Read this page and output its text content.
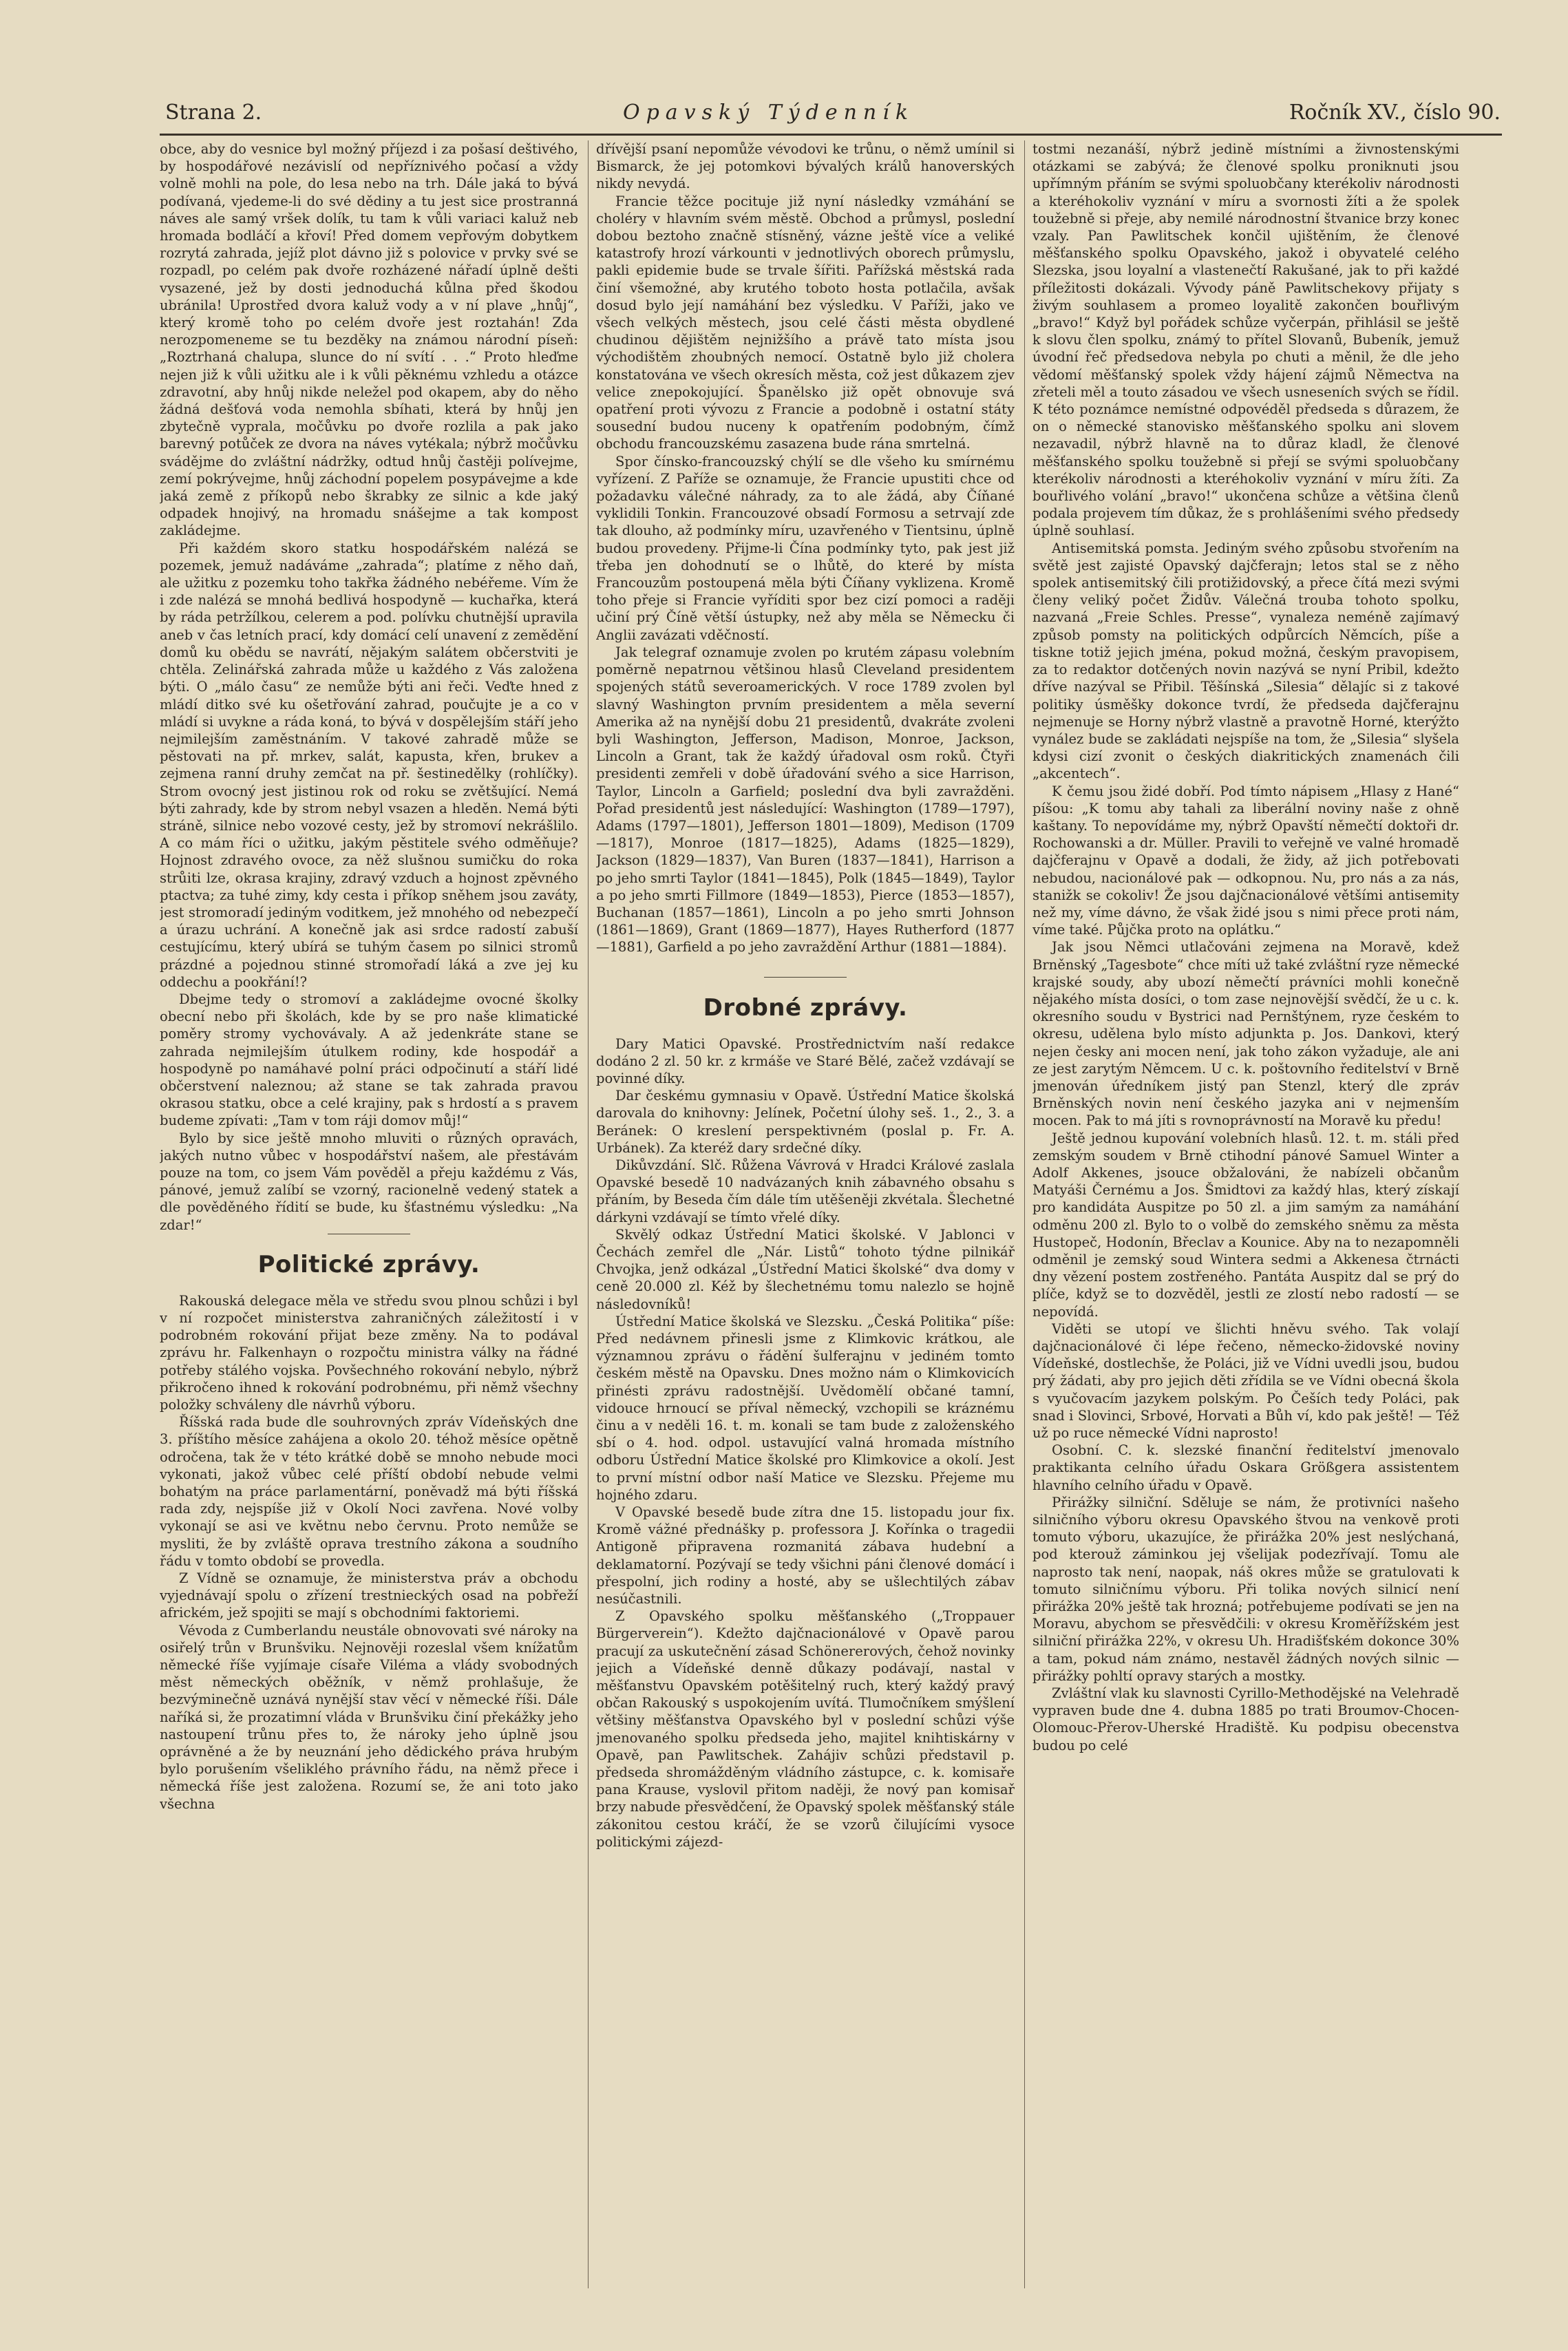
Strana 2.	Opavský Týdenník	Ročník XV., číslo 90.

obce, aby do vesnice byl možný příjezd i za pošasí deštivého, by hospodářové nezávislí od nepříznivého počasí a vždy volně mohli na pole, do lesa nebo na trh. Dále jaká to bývá podívaná, vjedeme-li do své dědiny a tu jest sice prostranná náves ale samý vršek dolík, tu tam k vůli variaci kaluž neb hromada bodláčí a křoví! Před domem vepřovým dobytkem rozrytá zahrada, jejíž plot dávno již s polovice v prvky své se rozpadl, po celém pak dvoře rozházené nářadí úplně dešti vysazené, jež by dosti jednoduchá kůlna před škodou ubránila! Uprostřed dvora kaluž vody a v ní plave „hnůj“, který kromě toho po celém dvoře jest roztahán! Zda nerozpomeneme se tu bezděky na známou národní píseň: „Roztrhaná chalupa, slunce do ní svítí . . .“ Proto hleďme nejen již k vůli užitku ale i k vůli pěknému vzhledu a otázce zdravotní, aby hnůj nikde neležel pod okapem, aby do něho žádná dešťová voda nemohla sbíhati, která by hnůj jen zbytečně vyprala, močůvku po dvoře rozlila a pak jako barevný potůček ze dvora na náves vytékala; nýbrž močůvku svádějme do zvláštní nádržky, odtud hnůj častěji polívejme, zemí pokrývejme, hnůj záchodní popelem posypávejme a kde jaká země z příkopů nebo škrabky ze silnic a kde jaký odpadek hnojivý, na hromadu snášejme a tak kompost zakládejme.

Při každém skoro statku hospodářském nalézá se pozemek, jemuž nadáváme „zahrada“; platíme z něho daň, ale užitku z pozemku toho takřka žádného nebéřeme. Vím že i zde nalézá se mnohá bedlivá hospodyně — kuchařka, která by ráda petržílkou, celerem a pod. polívku chutnější upravila aneb v čas letních prací, kdy domácí celí unavení z zemědění domů ku obědu se navrátí, nějakým salátem občerstviti je chtěla. Zelinářská zahrada může u každého z Vás založena býti. O „málo času“ ze nemůže býti ani řeči. Veďte hned z mládí ditko své ku ošetřování zahrad, poučujte je a co v mládí si uvykne a ráda koná, to bývá v dospělejším stáří jeho nejmilejším zaměstnáním. V takové zahradě může se pěstovati na př. mrkev, salát, kapusta, křen, brukev a zejmena ranní druhy zemčat na př. šestinedělky (rohlíčky). Strom ovocný jest jistinou rok od roku se zvětšující. Nemá býti zahrady, kde by strom nebyl vsazen a hleděn. Nemá býti stráně, silnice nebo vozové cesty, jež by stromoví nekrášlilo. A co mám říci o užitku, jakým pěstitele svého odměňuje? Hojnost zdravého ovoce, za něž slušnou sumičku do roka strůiti lze, okrasa krajiny, zdravý vzduch a hojnost zpěvného ptactva; za tuhé zimy, kdy cesta i příkop sněhem jsou zaváty, jest stromoradí jediným voditkem, jež mnohého od nebezpečí a úrazu uchrání. A konečně jak asi srdce radostí zabuší cestujícímu, který ubírá se tuhým časem po silnici stromů prázdné a pojednou stinné stromořadí láká a zve jej ku oddechu a pookřání!?

Dbejme tedy o stromoví a zakládejme ovocné školky obecní nebo při školách, kde by se pro naše klimatické poměry stromy vychovávaly. A až jedenkráte stane se zahrada nejmilejším útulkem rodiny, kde hospodář a hospodyně po namáhavé polní práci odpočinutí a stáří lidé občerstvení naleznou; až stane se tak zahrada pravou okrasou statku, obce a celé krajiny, pak s hrdostí a s pravem budeme zpívati: „Tam v tom ráji domov můj!“

Bylo by sice ještě mnoho mluviti o různých opravách, jakých nutno vůbec v hospodářství našem, ale přestávám pouze na tom, co jsem Vám pověděl a přeju každému z Vás, pánové, jemuž zalíbí se vzorný, racionelně vedený statek a dle pověděného řídití se bude, ku šťastnému výsledku: „Na zdar!“

Politické zprávy.

Rakouská delegace měla ve středu svou plnou schůzi i byl v ní rozpočet ministerstva zahraničných záležitostí i v podrobném rokování přijat beze změny. Na to podával zprávu hr. Falkenhayn o rozpočtu ministra války na řádné potřeby stálého vojska. Povšechného rokování nebylo, nýbrž přikročeno ihned k rokování podrobnému, při němž všechny položky schváleny dle návrhů výboru.

Říšská rada bude dle souhrovných zpráv Vídeňských dne 3. příštího měsíce zahájena a okolo 20. téhož měsíce opětně odročena, tak že v této krátké době se mnoho nebude moci vykonati, jakož vůbec celé příští období nebude velmi bohatým na práce parlamentární, poněvadž má býti říšská rada zdy, nejspíše již v Okolí Noci zavřena. Nové volby vykonají se asi ve květnu nebo červnu. Proto nemůže se mysliti, že by zvláště oprava trestního zákona a soudního řádu v tomto období se provedla.

Z Vídně se oznamuje, že ministerstva práv a obchodu vyjednávají spolu o zřízení trestnieckých osad na pobřeží africkém, jež spojiti se mají s obchodními faktoriemi.

Vévoda z Cumberlandu neustále obnovovati své nároky na osiřelý trůn v Brunšviku. Nejnověji rozeslal všem knížatům německé říše vyjímaje císaře Viléma a vlády svobodných měst německých oběžník, v němž prohlašuje, že bezvýminečně uznává nynější stav věcí v německé říši. Dále naříká si, že prozatimní vláda v Brunšviku činí překážky jeho nastoupení trůnu přes to, že nároky jeho úplně jsou oprávněné a že by neuznání jeho dědického práva hrubým bylo porušením všeliklého právního řádu, na němž přece i německá říše jest založena. Rozumí se, že ani toto jako všechna

dřívější psaní nepomůže vévodovi ke trůnu, o němž umínil si Bismarck, že jej potomkovi bývalých králů hanoverských nikdy nevydá.

Francie těžce pocituje již nyní následky vzmáhání se choléry v hlavním svém městě. Obchod a průmysl, poslední dobou beztoho značně stísněný, vázne ještě více a veliké katastrofy hrozí várkounti v jednotlivých oborech průmyslu, pakli epidemie bude se trvale šířiti. Pařížská městská rada činí všemožné, aby krutého toboto hosta potlačila, avšak dosud bylo její namáhání bez výsledku. V Paříži, jako ve všech velkých městech, jsou celé části města obydlené chudinou dějištěm nejnižšího a právě tato místa jsou východištěm zhoubných nemocí. Ostatně bylo již cholera konstatována ve všech okresích města, což jest důkazem zjev velice znepokojující. Španělsko již opět obnovuje svá opatření proti vývozu z Francie a podobně i ostatní státy sousední budou nuceny k opatřením podobným, čímž obchodu francouzskému zasazena bude rána smrtelná.

Spor čínsko-francouzský chýlí se dle všeho ku smírnému vyřízení. Z Paříže se oznamuje, že Francie upustiti chce od požadavku válečné náhrady, za to ale žádá, aby Číňané vyklidili Tonkin. Francouzové obsadí Formosu a setrvají zde tak dlouho, až podmínky míru, uzavřeného v Tientsinu, úplně budou provedeny. Přijme-li Čína podmínky tyto, pak jest již třeba jen dohodnutí se o lhůtě, do které by místa Francouzům postoupená měla býti Číňany vyklizena. Kromě toho přeje si Francie vyříditi spor bez cizí pomoci a raději učiní prý Číně větší ústupky, než aby měla se Německu či Anglii zavázati vděčností.

Jak telegraf oznamuje zvolen po krutém zápasu volebním poměrně nepatrnou většinou hlasů Cleveland presidentem spojených států severoamerických. V roce 1789 zvolen byl slavný Washington prvním presidentem a měla severní Amerika až na nynější dobu 21 presidentů, dvakráte zvoleni byli Washington, Jefferson, Madison, Monroe, Jackson, Lincoln a Grant, tak že každý úřadoval osm roků. Čtyři presidenti zemřeli v době úřadování svého a sice Harrison, Taylor, Lincoln a Garfield; poslední dva byli zavražděni. Pořad presidentů jest následující: Washington (1789—1797), Adams (1797—1801), Jefferson 1801—1809), Medison (1709—1817), Monroe (1817—1825), Adams (1825—1829), Jackson (1829—1837), Van Buren (1837—1841), Harrison a po jeho smrti Taylor (1841—1845), Polk (1845—1849), Taylor a po jeho smrti Fillmore (1849—1853), Pierce (1853—1857), Buchanan (1857—1861), Lincoln a po jeho smrti Johnson (1861—1869), Grant (1869—1877), Hayes Rutherford (1877—1881), Garfield a po jeho zavraždění Arthur (1881—1884).

Drobné zprávy.

Dary Matici Opavské. Prostřednictvím naší redakce dodáno 2 zl. 50 kr. z krmáše ve Staré Bělé, začež vzdávají se povinné díky.

Dar českému gymnasiu v Opavě. Ústřední Matice školská darovala do knihovny: Jelínek, Početní úlohy seš. 1., 2., 3. a Beránek: O kreslení perspektivném (poslal p. Fr. A. Urbánek). Za kteréž dary srdečné díky.

Dikůvzdání. Slč. Růžena Vávrová v Hradci Králové zaslala Opavské besedě 10 nadvázaných knih zábavného obsahu s přáním, by Beseda čím dále tím utěšeněji zkvétala. Šlechetné dárkyni vzdávají se tímto vřelé díky.

Skvělý odkaz Ústřední Matici školské. V Jablonci v Čechách zemřel dle „Nár. Listů“ tohoto týdne pilnikář Chvojka, jenž odkázal „Ústřední Matici školské“ dva domy v ceně 20.000 zl. Kéž by šlechetnému tomu nalezlo se hojně následovníků!

Ústřední Matice školská ve Slezsku. „Česká Politika“ píše: Před nedávnem přinesli jsme z Klimkovic krátkou, ale významnou zprávu o řádění šulferajnu v jediném tomto českém městě na Opavsku. Dnes možno nám o Klimkovicích přinésti zprávu radostnější. Uvědomělí občané tamní, vidouce hrnoucí se příval německý, vzchopili se kráznému činu a v neděli 16. t. m. konali se tam bude z založenského sbí o 4. hod. odpol. ustavující valná hromada místního odboru Ústřední Matice školské pro Klimkovice a okolí. Jest to první místní odbor naší Matice ve Slezsku. Přejeme mu hojného zdaru.

V Opavské besedě bude zítra dne 15. listopadu jour fix. Kromě vážné přednášky p. professora J. Kořínka o tragedii Antigoně připravena rozmanitá zábava hudební a deklamatorní. Pozývají se tedy všichni páni členové domácí i přespolní, jich rodiny a hosté, aby se ušlechtilých zábav nesúčastnili.

Z Opavského spolku měšťanského („Troppauer Bürgerverein“). Kdežto dajčnacionálové v Opavě parou pracují za uskutečnění zásad Schönererových, čehož novinky jejich a Vídeňské denně důkazy podávají, nastal v měšťanstvu Opavském potěšitelný ruch, který každý pravý občan Rakouský s uspokojením uvítá. Tlumočníkem smýšlení většiny měšťanstva Opavského byl v poslední schůzi výše jmenovaného spolku předseda jeho, majitel knihtiskárny v Opavě, pan Pawlitschek. Zahájiv schůzi představil p. předseda shromážděným vládního zástupce, c. k. komisaře pana Krause, vyslovil přitom naději, že nový pan komisař brzy nabude přesvědčení, že Opavský spolek měšťanský stále zákonitou cestou kráčí, že se vzorů čilujícími vysoce politickými zájezd-

tostmi nezanáší, nýbrž jedině místními a živnostenskými otázkami se zabývá; že členové spolku proniknuti jsou upřímným přáním se svými spoluobčany kterékoliv národnosti a kteréhokoliv vyznání v míru a svornosti žíti a že spolek toužebně si přeje, aby nemilé národnostní štvanice brzy konec vzaly. Pan Pawlitschek končil ujištěním, že členové měšťanského spolku Opavského, jakož i obyvatelé celého Slezska, jsou loyalní a vlastenečtí Rakušané, jak to při každé příležitosti dokázali. Vývody páně Pawlitschekovy přijaty s živým souhlasem a promeo loyalitě zakončen bouřlivým „bravo!“ Když byl pořádek schůze vyčerpán, přihlásil se ještě k slovu člen spolku, známý to přítel Slovanů, Bubeník, jemuž úvodní řeč předsedova nebyla po chuti a měnil, že dle jeho vědomí měšťanský spolek vždy hájení zájmů Němectva na zřeteli měl a touto zásadou ve všech usneseních svých se řídil. K této poznámce nemístné odpovéděl předseda s důrazem, že on o německé stanovisko měšťanského spolku ani slovem nezavadil, nýbrž hlavně na to důraz kladl, že členové měšťanského spolku toužebně si přejí se svými spoluobčany kterékoliv národnosti a kteréhokoliv vyznání v míru žíti. Za bouřlivého volání „bravo!“ ukončena schůze a většina členů podala projevem tím důkaz, že s prohlášeními svého předsedy úplně souhlasí.

Antisemitská pomsta. Jediným svého způsobu stvořením na světě jest zajisté Opavský dajčferajn; letos stal se z něho spolek antisemitský čili protižidovský, a přece čítá mezi svými členy veliký počet Židův. Válečná trouba tohoto spolku, nazvaná „Freie Schles. Presse“, vynaleza neméně zajímavý způsob pomsty na politických odpůrcích Němcích, píše a tiskne totiž jejich jména, pokud možná, českým pravopisem, za to redaktor dotčených novin nazývá se nyní Pribil, kdežto dříve nazýval se Přibil. Těšínská „Silesia“ dělajíc si z takové politiky úsměšky dokonce tvrdí, že předseda dajčferajnu nejmenuje se Horny nýbrž vlastně a pravotně Horné, kterýžto vynález bude se zakládati nejspíše na tom, že „Silesia“ slyšela kdysi cizí zvonit o českých diakritických znamenách čili „akcentech“.

K čemu jsou židé dobří. Pod tímto nápisem „Hlasy z Hané“ píšou: „K tomu aby tahali za liberální noviny naše z ohně kaštany. To nepovídáme my, nýbrž Opavští němečtí doktoři dr. Rochowanski a dr. Müller. Pravili to veřejně ve valné hromadě dajčferajnu v Opavě a dodali, že židy, až jich potřebovati nebudou, nacionálové pak — odkopnou. Nu, pro nás a za nás, stanižk se cokoliv! Že jsou dajčnacionálové většími antisemity než my, víme dávno, že však židé jsou s nimi přece proti nám, víme také. Půjčka proto na oplátku.“

Jak jsou Němci utlačováni zejmena na Moravě, kdež Brněnský „Tagesbote“ chce míti už také zvláštní ryze německé krajské soudy, aby ubozí němečtí právníci mohli konečně nějakého místa dosíci, o tom zase nejnovější svědčí, že u c. k. okresního soudu v Bystrici nad Pernštýnem, ryze českém to okresu, udělena bylo místo adjunkta p. Jos. Dankovi, který nejen česky ani mocen není, jak toho zákon vyžaduje, ale ani ze jest zarytým Němcem. U c. k. poštovního ředitelství v Brně jmenován úředníkem jistý pan Stenzl, který dle zpráv Brněnských novin není českého jazyka ani v nejmenším mocen. Pak to má jíti s rovnoprávností na Moravě ku předu!

Ještě jednou kupování volebních hlasů. 12. t. m. stáli před zemským soudem v Brně ctihodní pánové Samuel Winter a Adolf Akkenes, jsouce obžalováni, že nabízeli občanům Matyáši Černému a Jos. Šmidtovi za každý hlas, který získají pro kandidáta Auspitze po 50 zl. a jim samým za namáhání odměnu 200 zl. Bylo to o volbě do zemského sněmu za města Hustopeč, Hodonín, Břeclav a Kounice. Aby na to nezapomněli odměnil je zemský soud Wintera sedmi a Akkenesa čtrnácti dny vězení postem zostřeného. Pantáta Auspitz dal se prý do plíče, když se to dozvěděl, jestli ze zlostí nebo radostí — se nepovídá.

Viděti se utopí ve šlichti hněvu svého. Tak volají dajčnacionálové či lépe řečeno, německo-židovské noviny Vídeňské, dostlechše, že Poláci, již ve Vídni uvedli jsou, budou prý žádati, aby pro jejich děti zřídila se ve Vídni obecná škola s vyučovacím jazykem polským. Po Češích tedy Poláci, pak snad i Slovinci, Srbové, Horvati a Bůh ví, kdo pak ještě! — Též už po ruce německé Vídni naprosto!

Osobní. C. k. slezské finanční ředitelství jmenovalo praktikanta celního úřadu Oskara Größgera assistentem hlavního celního úřadu v Opavě.

Přirážky silniční. Sděluje se nám, že protivníci našeho silničního výboru okresu Opavského štvou na venkově proti tomuto výboru, ukazujíce, že přirážka 20% jest neslýchaná, pod kterouž záminkou jej všelijak podezřívají. Tomu ale naprosto tak není, naopak, náš okres může se gratulovati k tomuto silničnímu výboru. Při tolika nových silnicí není přirážka 20% ještě tak hrozná; potřebujeme podívati se jen na Moravu, abychom se přesvědčili: v okresu Kroměřížském jest silniční přirážka 22%, v okresu Uh. Hradišťském dokonce 30% a tam, pokud nám známo, nestavěl žádných nových silnic — přirážky pohltí opravy starých a mostky.

Zvláštní vlak ku slavnosti Cyrillo-Methodějské na Velehradě vypraven bude dne 4. dubna 1885 po trati Broumov-Chocen-Olomouc-Přerov-Uherské Hradiště. Ku podpisu obecenstva budou po celé
